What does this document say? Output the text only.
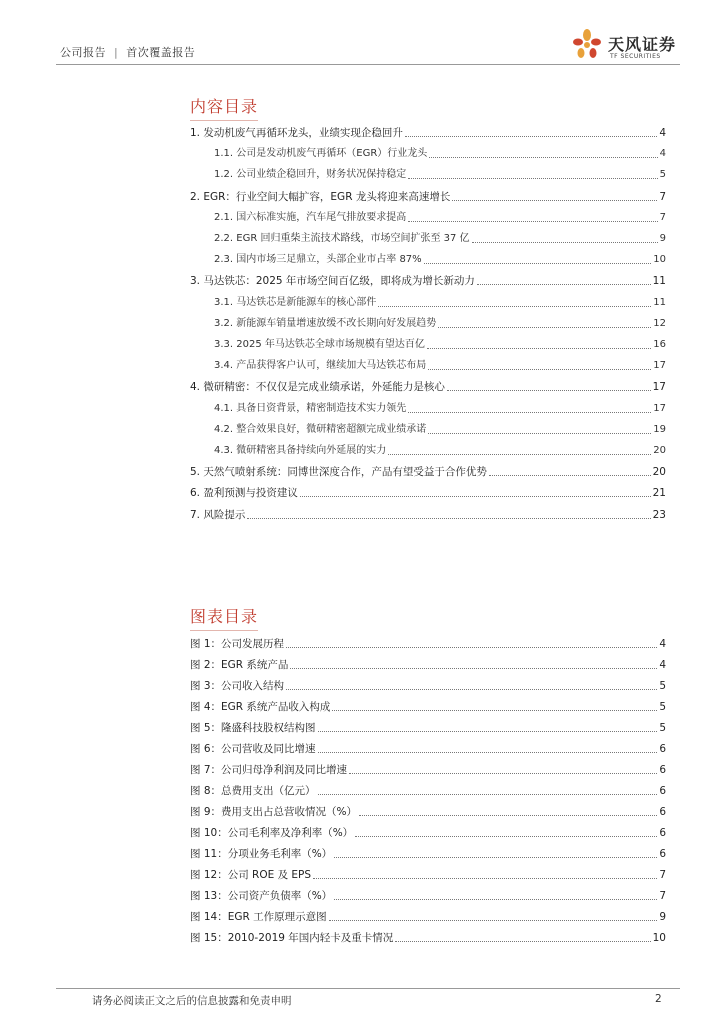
公司报告 | 首次覆盖报告	天风证券
TF SECURITIES
内容目录
1. 发动机废气再循环龙头，业绩实现企稳回升	4
1.1. 公司是发动机废气再循环（EGR）行业龙头	4
1.2. 公司业绩企稳回升，财务状况保持稳定	5
2. EGR：行业空间大幅扩容，EGR 龙头将迎来高速增长	7
2.1. 国六标准实施，汽车尾气排放要求提高	7
2.2. EGR 回归重柴主流技术路线，市场空间扩张至 37 亿	9
2.3. 国内市场三足鼎立，头部企业市占率 87%	10
3. 马达铁芯：2025 年市场空间百亿级，即将成为增长新动力	11
3.1. 马达铁芯是新能源车的核心部件	11
3.2. 新能源车销量增速放缓不改长期向好发展趋势	12
3.3. 2025 年马达铁芯全球市场规模有望达百亿	16
3.4. 产品获得客户认可，继续加大马达铁芯布局	17
4. 微研精密：不仅仅是完成业绩承诺，外延能力是核心	17
4.1. 具备日资背景，精密制造技术实力领先	17
4.2. 整合效果良好，微研精密超额完成业绩承诺	19
4.3. 微研精密具备持续向外延展的实力	20
5. 天然气喷射系统：同博世深度合作，产品有望受益于合作优势	20
6. 盈利预测与投资建议	21
7. 风险提示	23
图表目录
图 1：公司发展历程	4
图 2：EGR 系统产品	4
图 3：公司收入结构	5
图 4：EGR 系统产品收入构成	5
图 5：隆盛科技股权结构图	5
图 6：公司营收及同比增速	6
图 7：公司归母净利润及同比增速	6
图 8：总费用支出（亿元）	6
图 9：费用支出占总营收情况（%）	6
图 10：公司毛利率及净利率（%）	6
图 11：分项业务毛利率（%）	6
图 12：公司 ROE 及 EPS	7
图 13：公司资产负债率（%）	7
图 14：EGR 工作原理示意图	9
图 15：2010-2019 年国内轻卡及重卡情况	10
请务必阅读正文之后的信息披露和免责申明	2
